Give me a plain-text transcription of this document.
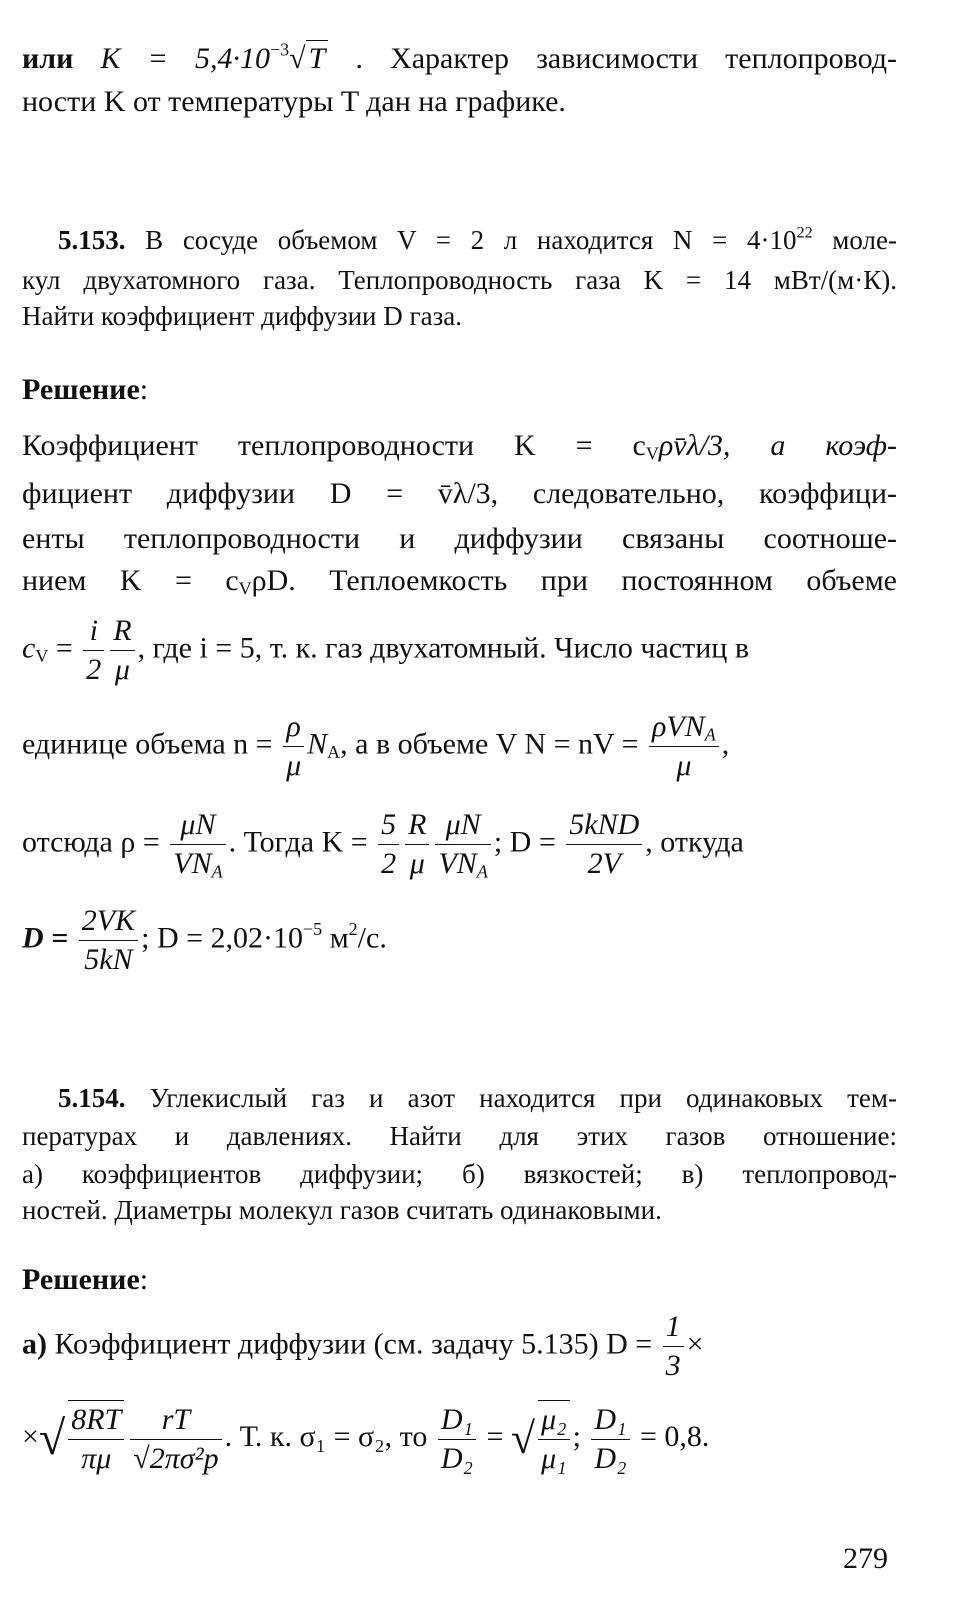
или $K = 5,4\cdot 10^{-3}√$ T . Характер зависимости теплопровод-
ности K от температуры T дан на графике.
5.153. В сосуде объемом V = 2 л находится $N = 4\cdot 10^{22}$ моле-
кул двухатомного газа. Теплопроводность газа K = 14 мВт/(м·К).
Найти коэффициент диффузии D газа.
Решение:
Коэффициент теплопроводности $K = c_V\rho v̄\lambda/3$, а коэф-
фициент диффузии D = v̄λ/3, следовательно, коэффици-
енты теплопроводности и диффузии связаны соотноше-
нием $K = c_V\rho D$. Теплоемкость при постоянном объеме
$c_V = \frac{i}{2} \frac{R}{\mu}$ , где i = 5, т. к. газ двухатомный. Число частиц в
единице объема $n = \frac{\rho}{\mu} N_А$, а в объеме V N = nV = $\frac{\rho VN_А}{\mu}$ ,
отсюда $\rho = \frac{\mu N}{VN_А}$ . Тогда $K = \frac{5}{2} \frac{R}{\mu} \frac{\mu N}{VN_А}$ ; $D = \frac{\text{5kND}}{2V}$ , откуда
$D = \frac{2VK}{5kN}$ ; $D = 2,02\cdot 10^{-5}$ $м^2/с$.
5.154. Углекислый газ и азот находится при одинаковых тем-
пературах и давлениях. Найти для этих газов отношение:
а) коэффициентов диффузии; б) вязкостей; в) теплопровод-
ностей. Диаметры молекул газов считать одинаковыми.
Решение:
а) Коэффициент диффузии (см. задачу 5.135) $D = \frac{1}{3}$ ×
×√ $\frac{8RT}{\pi\mu} \frac{rT}{\text{√2πσ²p}}$ . Т. к. σ₁ = σ₂, то $\frac{\text{D₁}}{\text{D₂}}$ = √ $\frac{\text{μ₂}}{\text{μ₁}}$ ; $\frac{\text{D₁}}{\text{D₂}} = 0,8$.
279
